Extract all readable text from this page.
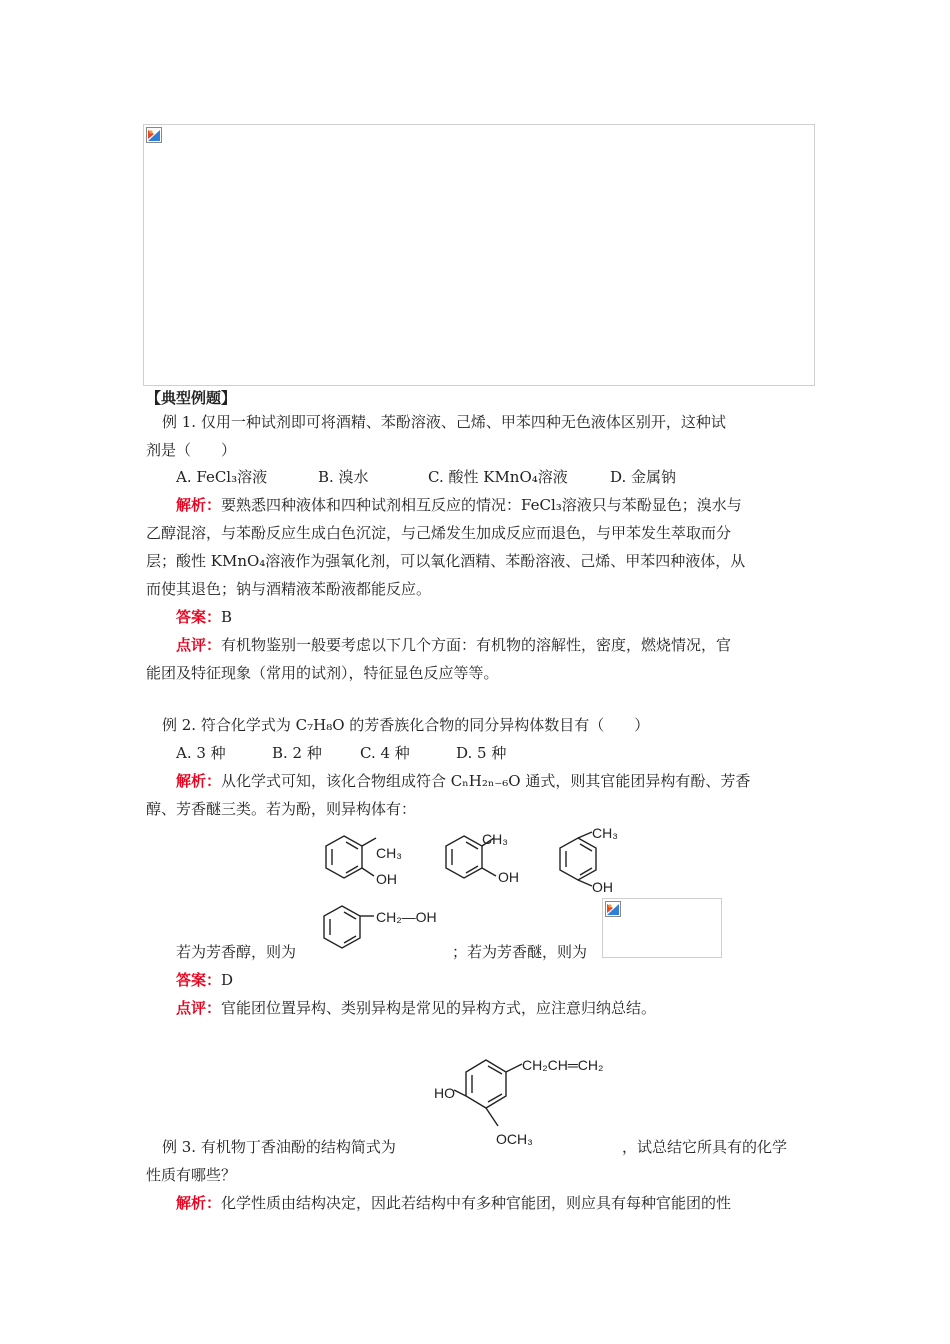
【典型例题】
例 1. 仅用一种试剂即可将酒精、苯酚溶液、己烯、甲苯四种无色液体区别开，这种试
剂是（　　）
A. FeCl₃溶液	B. 溴水	C. 酸性 KMnO₄溶液	D. 金属钠
解析：要熟悉四种液体和四种试剂相互反应的情况：FeCl₃溶液只与苯酚显色；溴水与
乙醇混溶，与苯酚反应生成白色沉淀，与己烯发生加成反应而退色，与甲苯发生萃取而分
层；酸性 KMnO₄溶液作为强氧化剂，可以氧化酒精、苯酚溶液、己烯、甲苯四种液体，从
而使其退色；钠与酒精液苯酚液都能反应。
答案：B
点评：有机物鉴别一般要考虑以下几个方面：有机物的溶解性，密度，燃烧情况，官
能团及特征现象（常用的试剂），特征显色反应等等。
例 2. 符合化学式为 C₇H₈O 的芳香族化合物的同分异构体数目有（　　）
A. 3 种	B. 2 种	C. 4 种	D. 5 种
解析：从化学式可知，该化合物组成符合 CₙH₂ₙ₋₆O 通式，则其官能团异构有酚、芳香
醇、芳香醚三类。若为酚，则异构体有：
CH₃
OH
CH₃
OH
CH₃
OH
若为芳香醇，则为
CH₂—OH
；若为芳香醚，则为
答案：D
点评：官能团位置异构、类别异构是常见的异构方式，应注意归纳总结。
CH₂CH═CH₂
HO
OCH₃
例 3. 有机物丁香油酚的结构简式为	，试总结它所具有的化学
性质有哪些？
解析：化学性质由结构决定，因此若结构中有多种官能团，则应具有每种官能团的性
